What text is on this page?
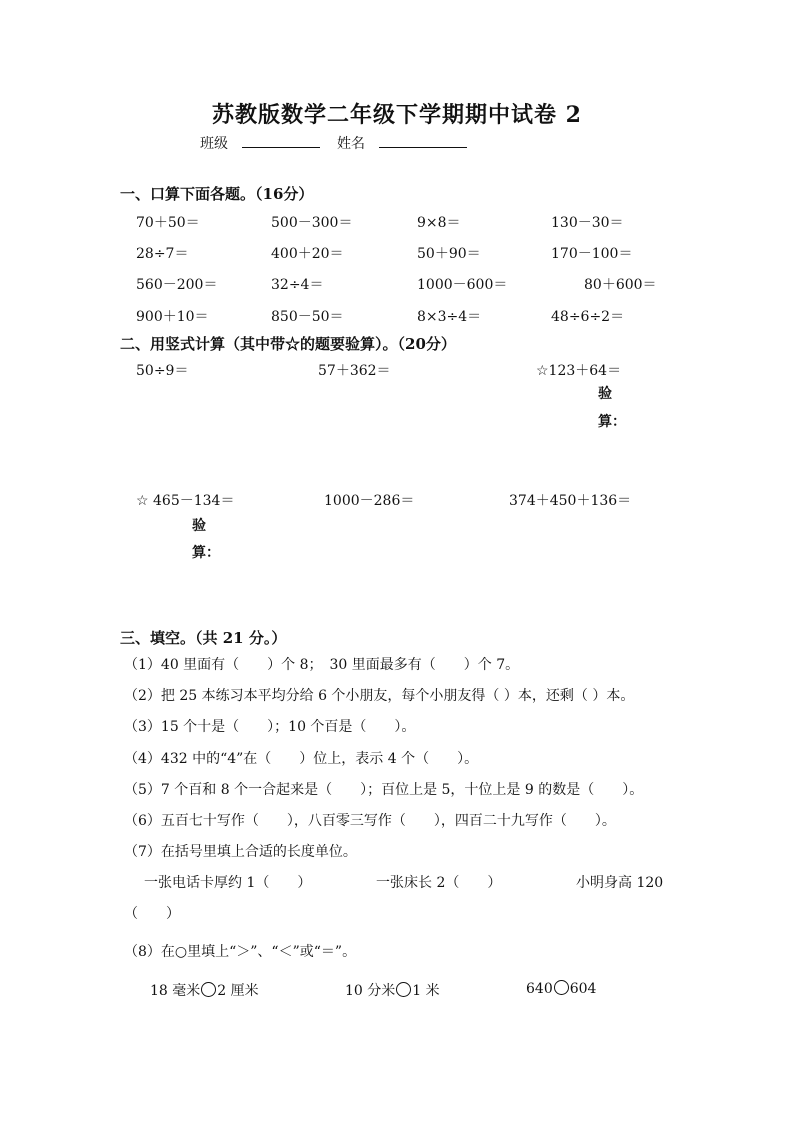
苏教版数学二年级下学期期中试卷 2
班级	姓名
一、口算下面各题。（16分）
70＋50＝	500－300＝	9×8＝	130－30＝
28÷7＝	400＋20＝	50＋90＝	170－100＝
560－200＝	32÷4＝	1000－600＝	80＋600＝
900＋10＝	850－50＝	8×3÷4＝	48÷6÷2＝
二、用竖式计算（其中带☆的题要验算）。（20分）
50÷9＝	57＋362＝	☆123＋64＝
验
算：
☆ 465－134＝	1000－286＝	374＋450＋136＝
验
算：
三、填空。（共 21 分。）
（1）40 里面有（　　）个 8；　30 里面最多有（　　）个 7。
（2）把 25 本练习本平均分给 6 个小朋友，每个小朋友得（ ）本，还剩（ ）本。
（3）15 个十是（　　）；10 个百是（　　）。
（4）432 中的“4”在（　　）位上，表示 4 个（　　）。
（5）7 个百和 8 个一合起来是（　　）；百位上是 5，十位上是 9 的数是（　　）。
（6）五百七十写作（　　），八百零三写作（　　），四百二十九写作（　　）。
（7）在括号里填上合适的长度单位。
一张电话卡厚约 1（　　）	一张床长 2（　　）	小明身高 120
（　　）
（8）在○里填上“＞”、“＜”或“＝”。
18 毫米 2 厘米	10 分米 1 米	640 604
